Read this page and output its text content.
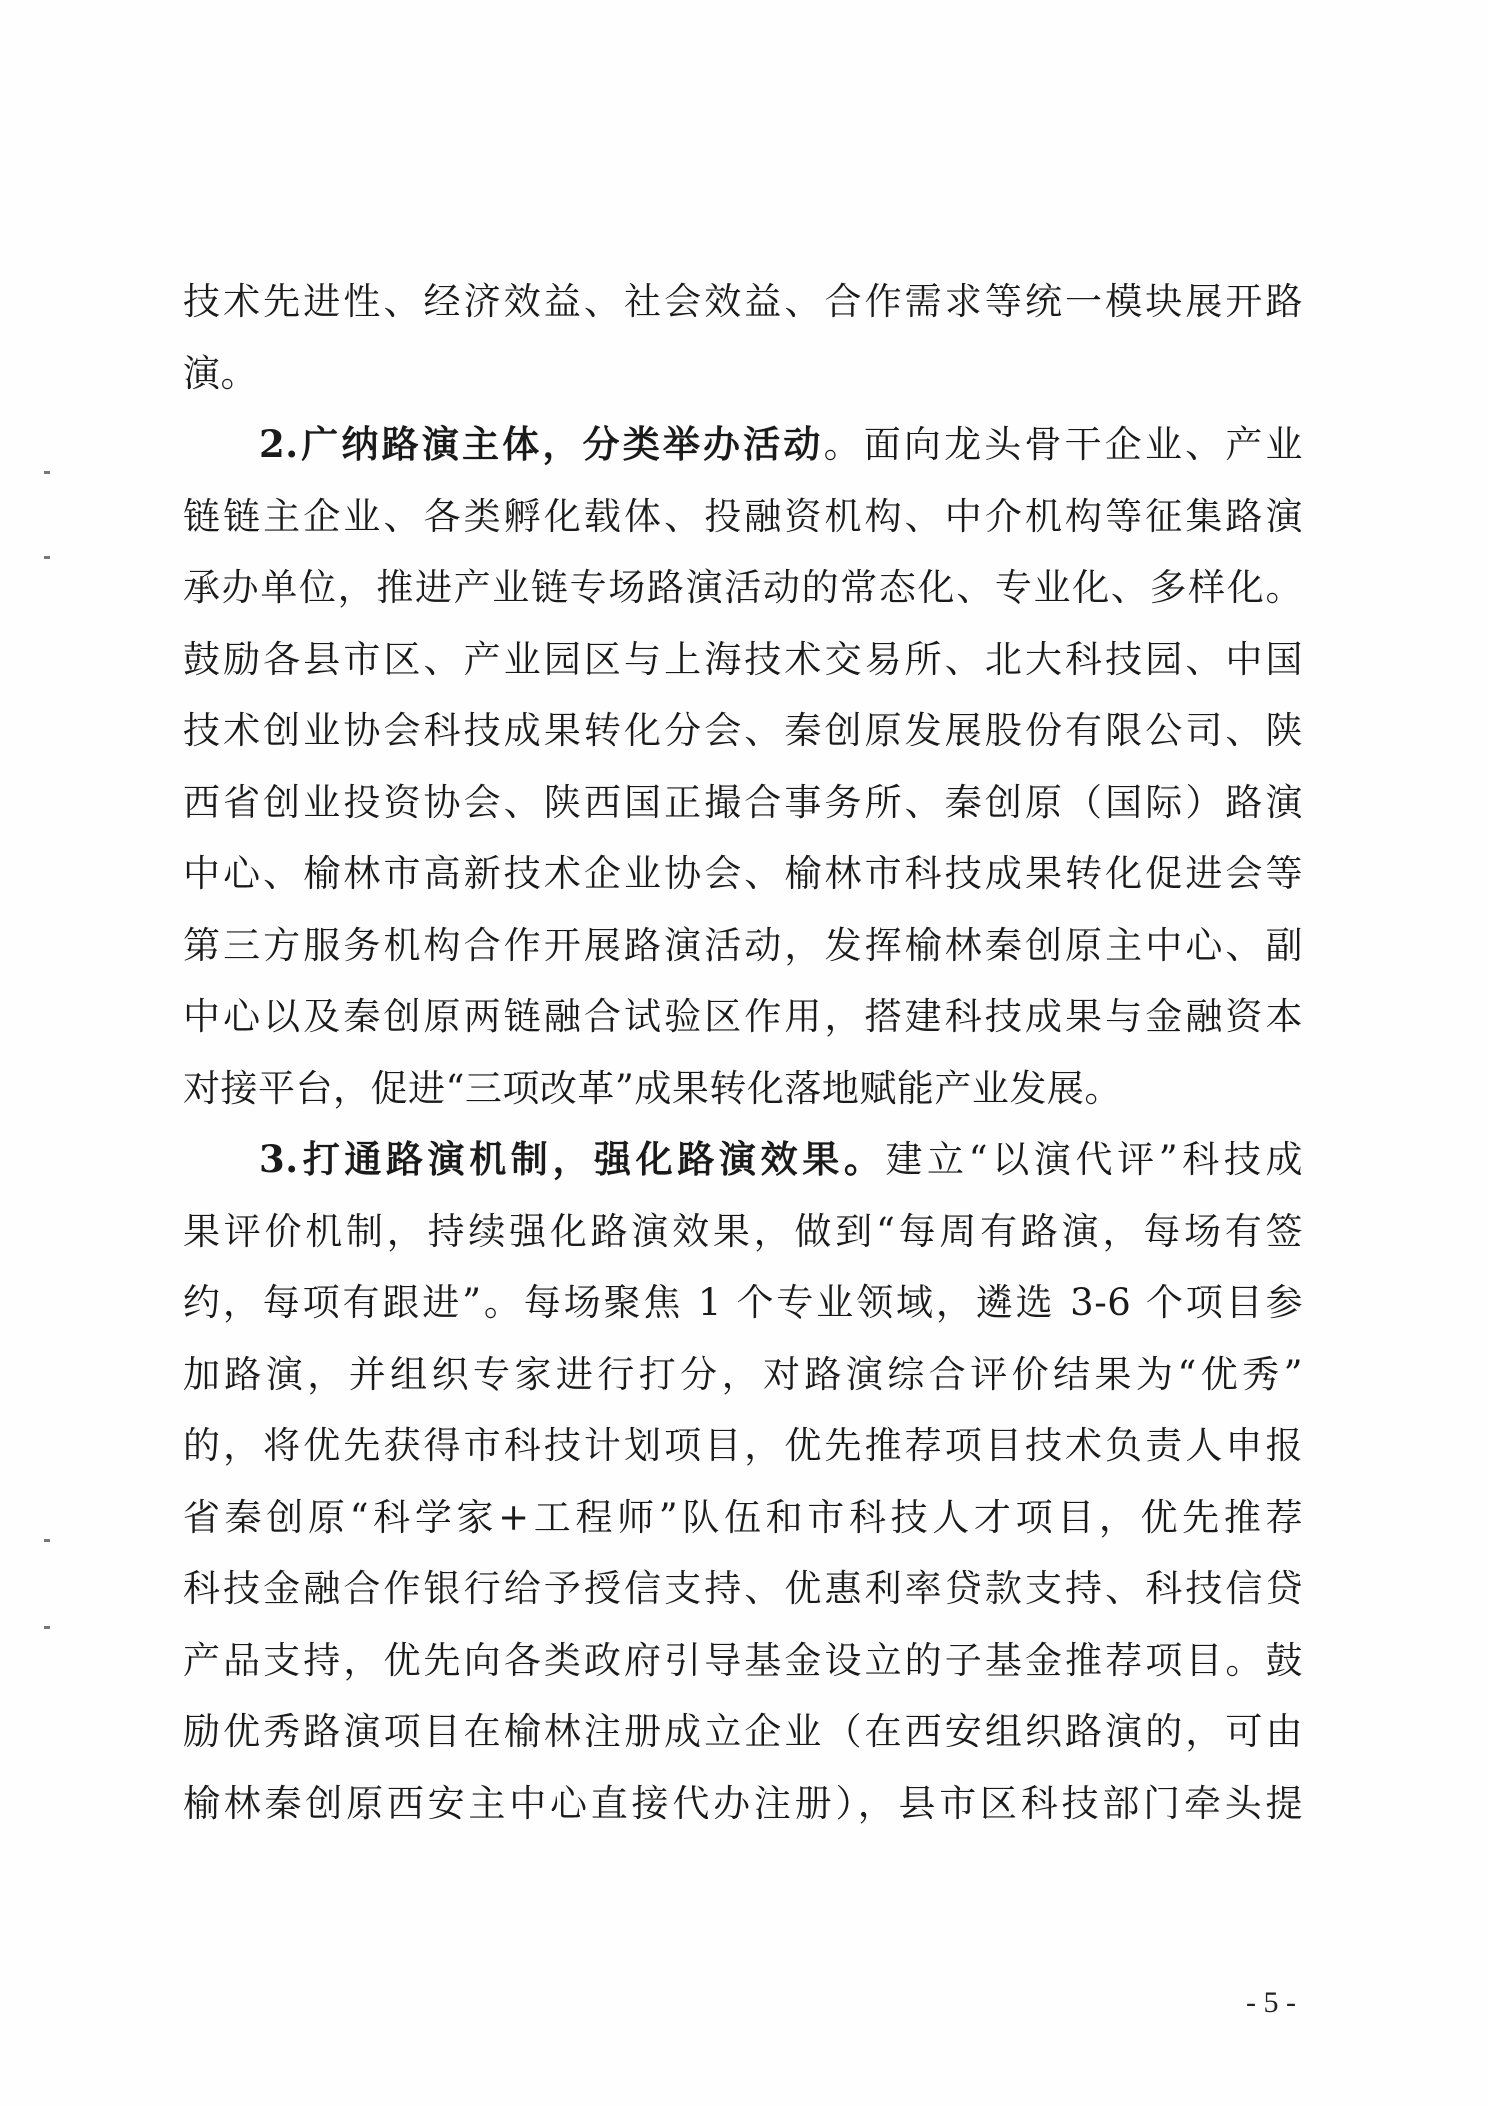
技术先进性、经济效益、社会效益、合作需求等统一模块展开路
演。
2.广纳路演主体，分类举办活动。面向龙头骨干企业、产业
链链主企业、各类孵化载体、投融资机构、中介机构等征集路演
承办单位，推进产业链专场路演活动的常态化、专业化、多样化。
鼓励各县市区、产业园区与上海技术交易所、北大科技园、中国
技术创业协会科技成果转化分会、秦创原发展股份有限公司、陕
西省创业投资协会、陕西国正撮合事务所、秦创原（国际）路演
中心、榆林市高新技术企业协会、榆林市科技成果转化促进会等
第三方服务机构合作开展路演活动，发挥榆林秦创原主中心、副
中心以及秦创原两链融合试验区作用，搭建科技成果与金融资本
对接平台，促进“三项改革”成果转化落地赋能产业发展。
3.打通路演机制，强化路演效果。建立“以演代评”科技成
果评价机制，持续强化路演效果，做到“每周有路演，每场有签
约，每项有跟进”。每场聚焦 1 个专业领域，遴选 3-6 个项目参
加路演，并组织专家进行打分，对路演综合评价结果为“优秀”
的，将优先获得市科技计划项目，优先推荐项目技术负责人申报
省秦创原“科学家+工程师”队伍和市科技人才项目，优先推荐
科技金融合作银行给予授信支持、优惠利率贷款支持、科技信贷
产品支持，优先向各类政府引导基金设立的子基金推荐项目。鼓
励优秀路演项目在榆林注册成立企业（在西安组织路演的，可由
榆林秦创原西安主中心直接代办注册），县市区科技部门牵头提
- 5 -
